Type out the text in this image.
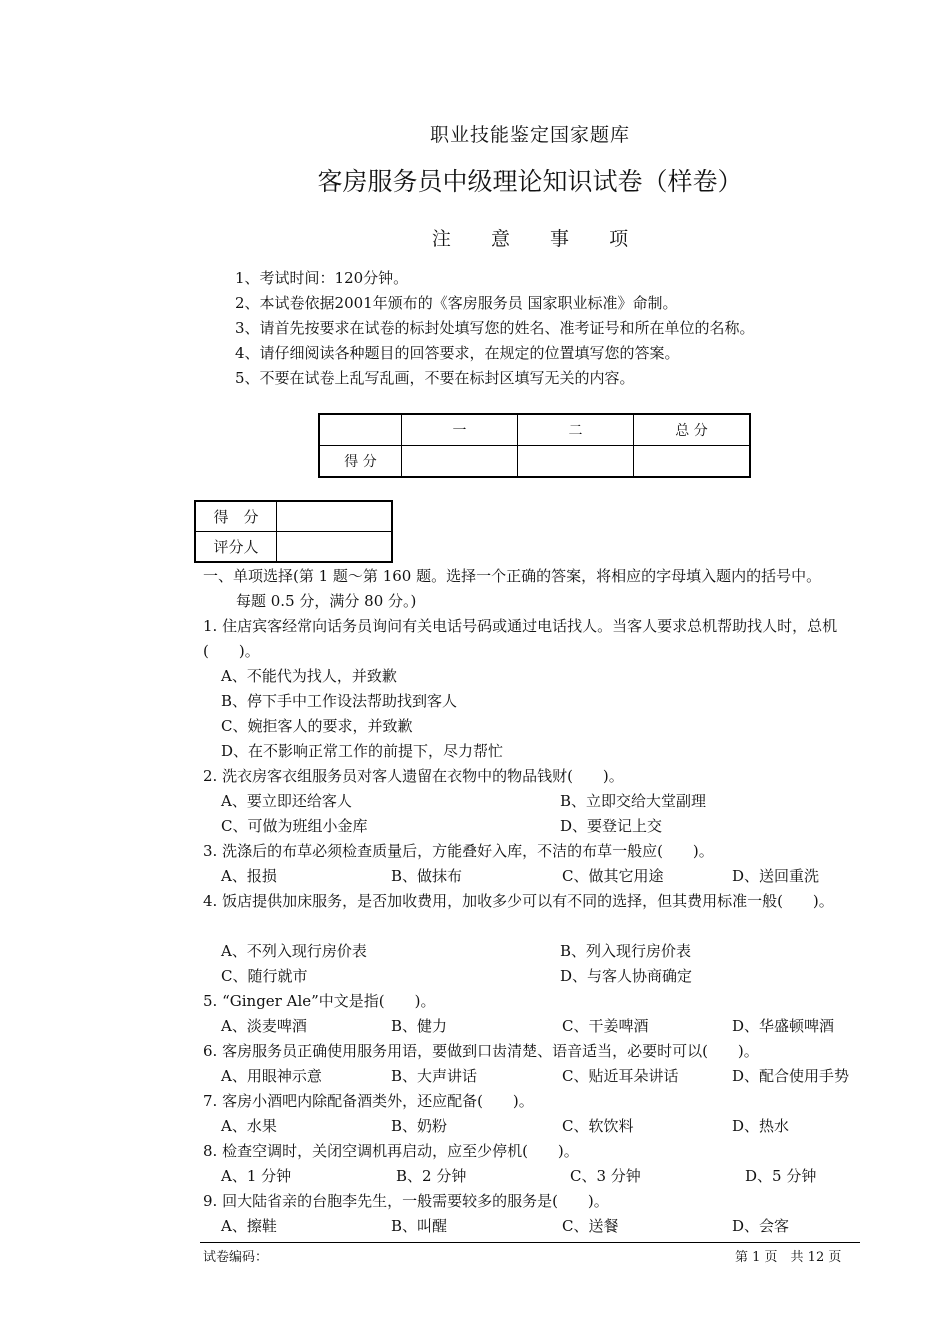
职业技能鉴定国家题库
客房服务员中级理论知识试卷（样卷）
注 意 事 项
1、考试时间：120分钟。
2、本试卷依据2001年颁布的《客房服务员 国家职业标准》命制。
3、请首先按要求在试卷的标封处填写您的姓名、准考证号和所在单位的名称。
4、请仔细阅读各种题目的回答要求，在规定的位置填写您的答案。
5、不要在试卷上乱写乱画，不要在标封区填写无关的内容。
	一	二	总 分
得 分			
得　分	
评分人	
一、单项选择(第 1 题～第 160 题。选择一个正确的答案，将相应的字母填入题内的括号中。
每题 0.5 分，满分 80 分。)
1. 住店宾客经常向话务员询问有关电话号码或通过电话找人。当客人要求总机帮助找人时，总机(　　)。
A、不能代为找人，并致歉
B、停下手中工作设法帮助找到客人
C、婉拒客人的要求，并致歉
D、在不影响正常工作的前提下，尽力帮忙
2. 洗衣房客衣组服务员对客人遗留在衣物中的物品钱财(　　)。
A、要立即还给客人	B、立即交给大堂副理
C、可做为班组小金库	D、要登记上交
3. 洗涤后的布草必须检查质量后，方能叠好入库，不洁的布草一般应(　　)。
A、报损	B、做抹布	C、做其它用途	D、送回重洗
4. 饭店提供加床服务，是否加收费用，加收多少可以有不同的选择，但其费用标准一般(　　)。
A、不列入现行房价表	B、列入现行房价表
C、随行就市	D、与客人协商确定
5. “Ginger Ale”中文是指(　　)。
A、淡麦啤酒	B、健力	C、干姜啤酒	D、华盛顿啤酒
6. 客房服务员正确使用服务用语，要做到口齿清楚、语音适当，必要时可以(　　)。
A、用眼神示意	B、大声讲话	C、贴近耳朵讲话	D、配合使用手势
7. 客房小酒吧内除配备酒类外，还应配备(　　)。
A、水果	B、奶粉	C、软饮料	D、热水
8. 检查空调时，关闭空调机再启动，应至少停机(　　)。
A、1 分钟	B、2 分钟	C、3 分钟	D、5 分钟
9. 回大陆省亲的台胞李先生，一般需要较多的服务是(　　)。
A、擦鞋	B、叫醒	C、送餐	D、会客
试卷编码：	第 1 页　共 12 页
